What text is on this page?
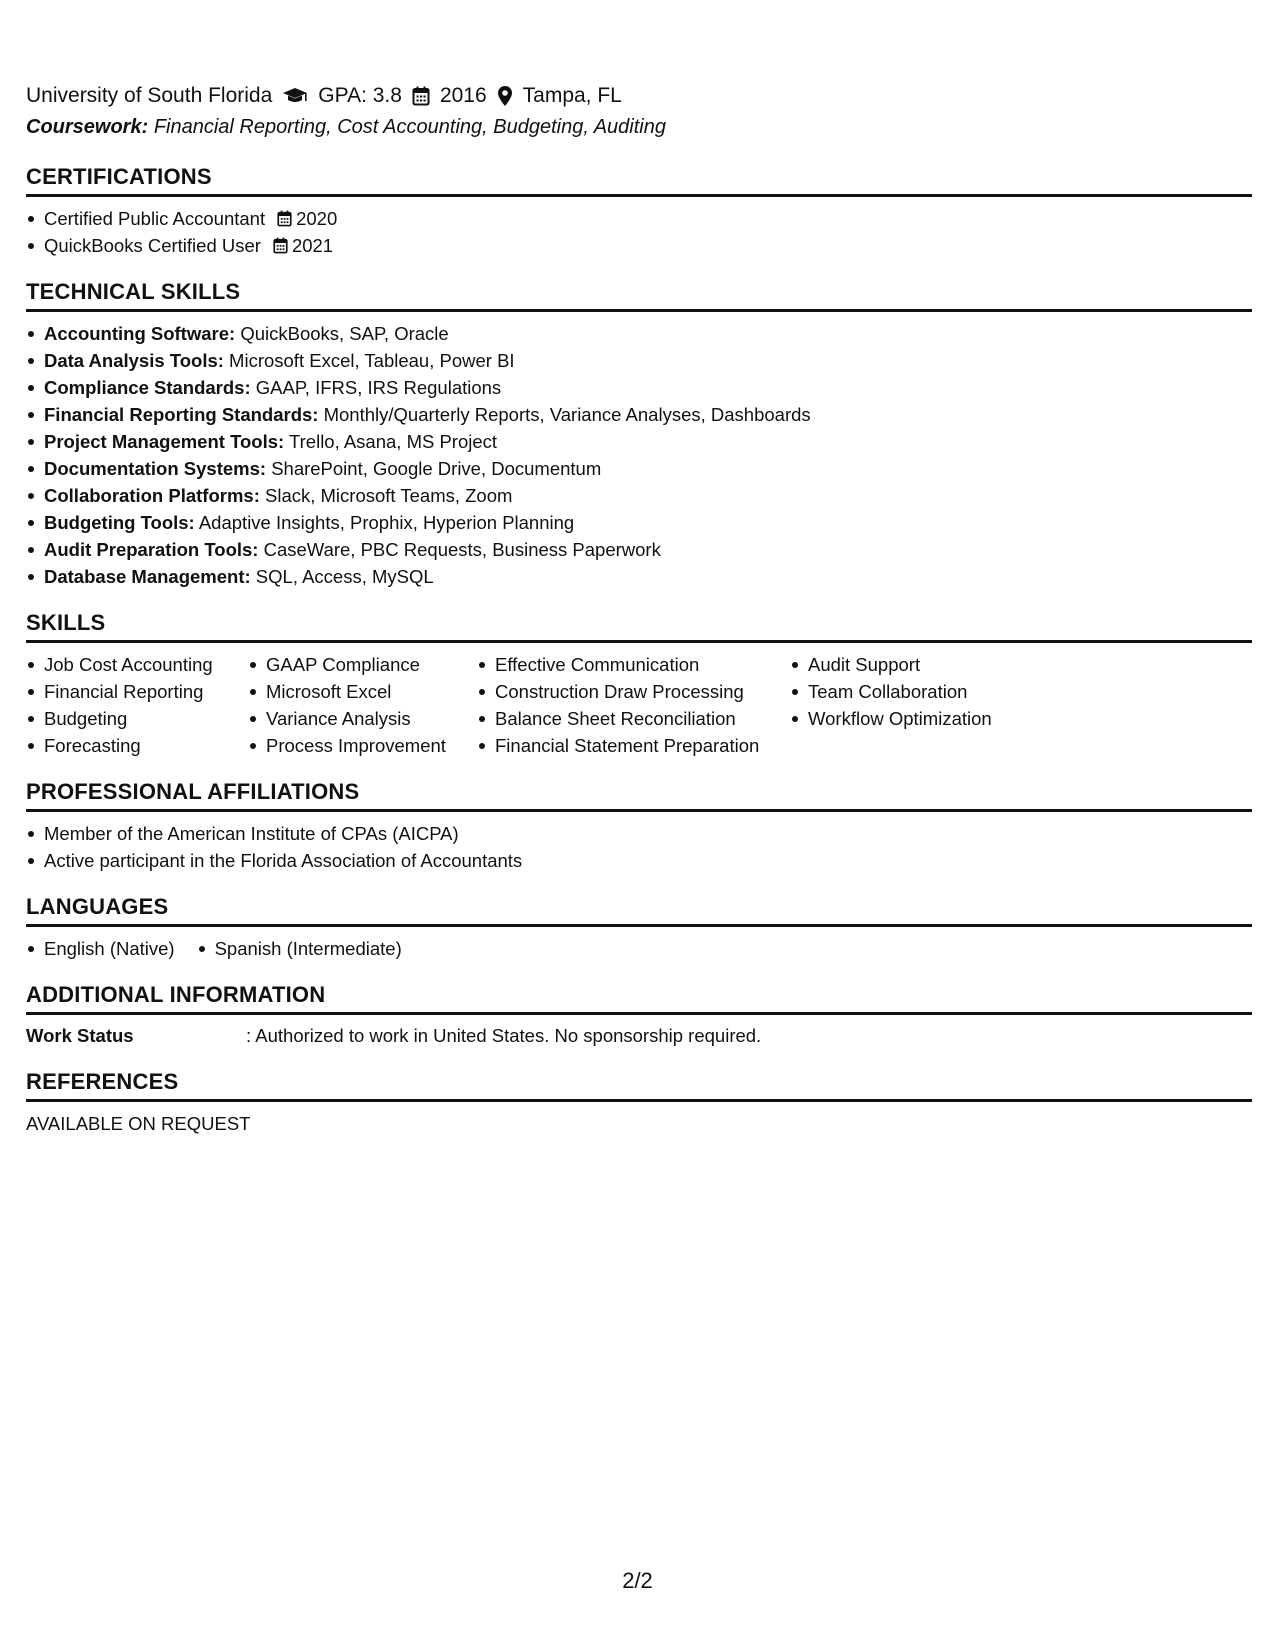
University of South Florida GPA: 3.8 2016 Tampa, FL
Coursework: Financial Reporting, Cost Accounting, Budgeting, Auditing
CERTIFICATIONS
Certified Public Accountant 2020
QuickBooks Certified User 2021
TECHNICAL SKILLS
Accounting Software: QuickBooks, SAP, Oracle
Data Analysis Tools: Microsoft Excel, Tableau, Power BI
Compliance Standards: GAAP, IFRS, IRS Regulations
Financial Reporting Standards: Monthly/Quarterly Reports, Variance Analyses, Dashboards
Project Management Tools: Trello, Asana, MS Project
Documentation Systems: SharePoint, Google Drive, Documentum
Collaboration Platforms: Slack, Microsoft Teams, Zoom
Budgeting Tools: Adaptive Insights, Prophix, Hyperion Planning
Audit Preparation Tools: CaseWare, PBC Requests, Business Paperwork
Database Management: SQL, Access, MySQL
SKILLS
Job Cost Accounting
Financial Reporting
Budgeting
Forecasting
GAAP Compliance
Microsoft Excel
Variance Analysis
Process Improvement
Effective Communication
Construction Draw Processing
Balance Sheet Reconciliation
Financial Statement Preparation
Audit Support
Team Collaboration
Workflow Optimization
PROFESSIONAL AFFILIATIONS
Member of the American Institute of CPAs (AICPA)
Active participant in the Florida Association of Accountants
LANGUAGES
English (Native)	Spanish (Intermediate)
ADDITIONAL INFORMATION
Work Status	: Authorized to work in United States. No sponsorship required.
REFERENCES
AVAILABLE ON REQUEST
2/2
